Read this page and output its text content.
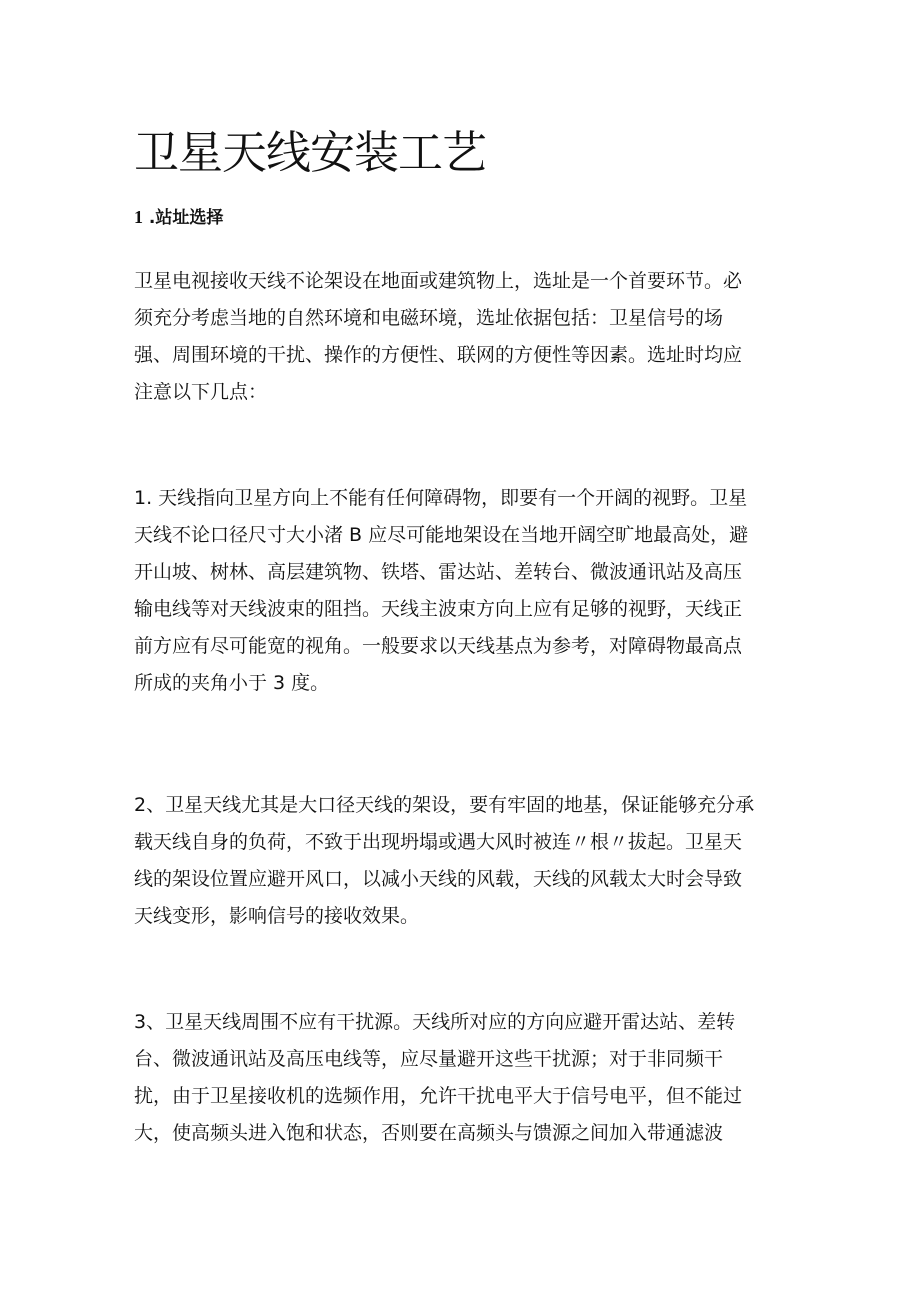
卫星天线安装工艺
1 .站址选择
卫星电视接收天线不论架设在地面或建筑物上，选址是一个首要环节。必
须充分考虑当地的自然环境和电磁环境，选址依据包括：卫星信号的场
强、周围环境的干扰、操作的方便性、联网的方便性等因素。选址时均应
注意以下几点：
1. 天线指向卫星方向上不能有任何障碍物，即要有一个开阔的视野。卫星
天线不论口径尺寸大小渚 B 应尽可能地架设在当地开阔空旷地最高处，避
开山坡、树林、高层建筑物、铁塔、雷达站、差转台、微波通讯站及高压
输电线等对天线波束的阻挡。天线主波束方向上应有足够的视野，天线正
前方应有尽可能宽的视角。一般要求以天线基点为参考，对障碍物最高点
所成的夹角小于 3 度。
2、卫星天线尤其是大口径天线的架设，要有牢固的地基，保证能够充分承
载天线自身的负荷，不致于出现坍塌或遇大风时被连〃根〃拔起。卫星天
线的架设位置应避开风口，以减小天线的风载，天线的风载太大时会导致
天线变形，影响信号的接收效果。
3、卫星天线周围不应有干扰源。天线所对应的方向应避开雷达站、差转
台、微波通讯站及高压电线等，应尽量避开这些干扰源；对于非同频干
扰，由于卫星接收机的选频作用，允许干扰电平大于信号电平，但不能过
大，使高频头进入饱和状态，否则要在高频头与馈源之间加入带通滤波
